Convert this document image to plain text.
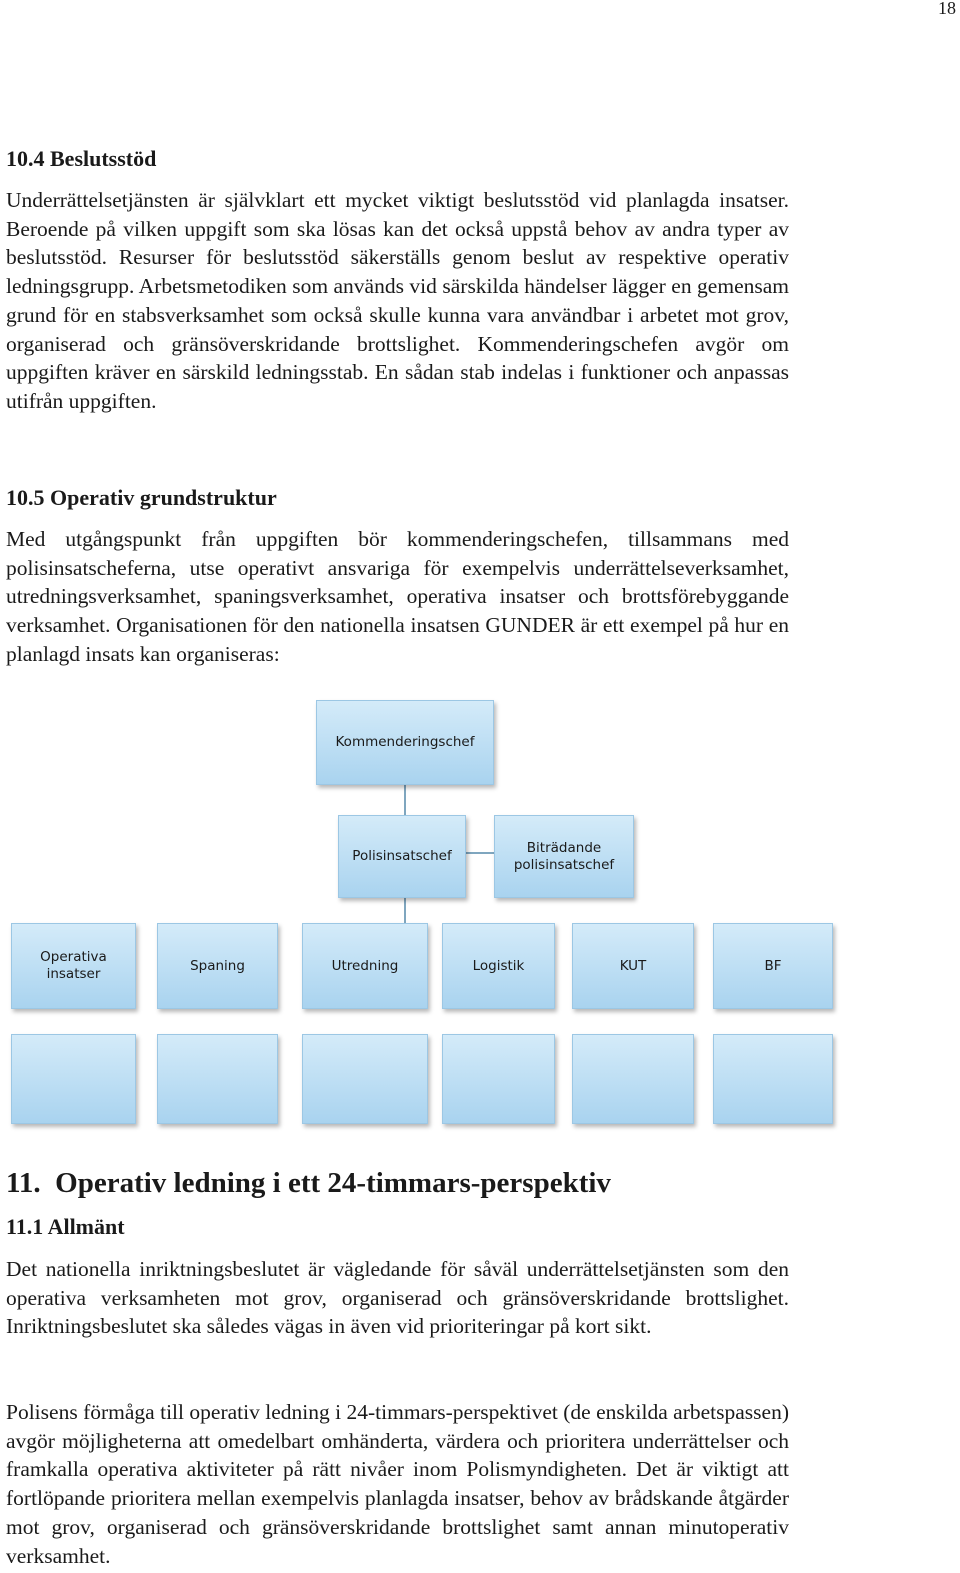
18
10.4 Beslutsstöd

Underrättelsetjänsten är självklart ett mycket viktigt beslutsstöd vid planlagda insatser. Beroende på vilken uppgift som ska lösas kan det också uppstå behov av andra typer av beslutsstöd. Resurser för beslutsstöd säkerställs genom beslut av respektive operativ ledningsgrupp. Arbetsmetodiken som används vid särskilda händelser lägger en gemensam grund för en stabsverksamhet som också skulle kunna vara användbar i arbetet mot grov, organiserad och gränsöverskridande brottslighet. Kommenderingschefen avgör om uppgiften kräver en särskild ledningsstab. En sådan stab indelas i funktioner och anpassas utifrån uppgiften.

10.5 Operativ grundstruktur

Med utgångspunkt från uppgiften bör kommenderingschefen, tillsammans med polisinsatscheferna, utse operativt ansvariga för exempelvis underrättelseverksamhet, utredningsverksamhet, spaningsverksamhet, operativa insatser och brottsförebyggande verksamhet. Organisationen för den nationella insatsen GUNDER är ett exempel på hur en planlagd insats kan organiseras:

Kommenderingschef
Polisinsatschef
Biträdande polisinsatschef
Operativa insatser
Spaning	Utredning	Logistik	KUT	BF
11.  Operativ ledning i ett 24-timmars-perspektiv
11.1 Allmänt

Det nationella inriktningsbeslutet är vägledande för såväl underrättelsetjänsten som den operativa verksamheten mot grov, organiserad och gränsöverskridande brottslighet. Inriktningsbeslutet ska således vägas in även vid prioriteringar på kort sikt.

Polisens förmåga till operativ ledning i 24-timmars-perspektivet (de enskilda arbetspassen) avgör möjligheterna att omedelbart omhänderta, värdera och prioritera underrättelser och framkalla operativa aktiviteter på rätt nivåer inom Polismyndigheten. Det är viktigt att fortlöpande prioritera mellan exempelvis planlagda insatser, behov av brådskande åtgärder mot grov, organiserad och gränsöverskridande brottslighet samt annan minutoperativ verksamhet.
